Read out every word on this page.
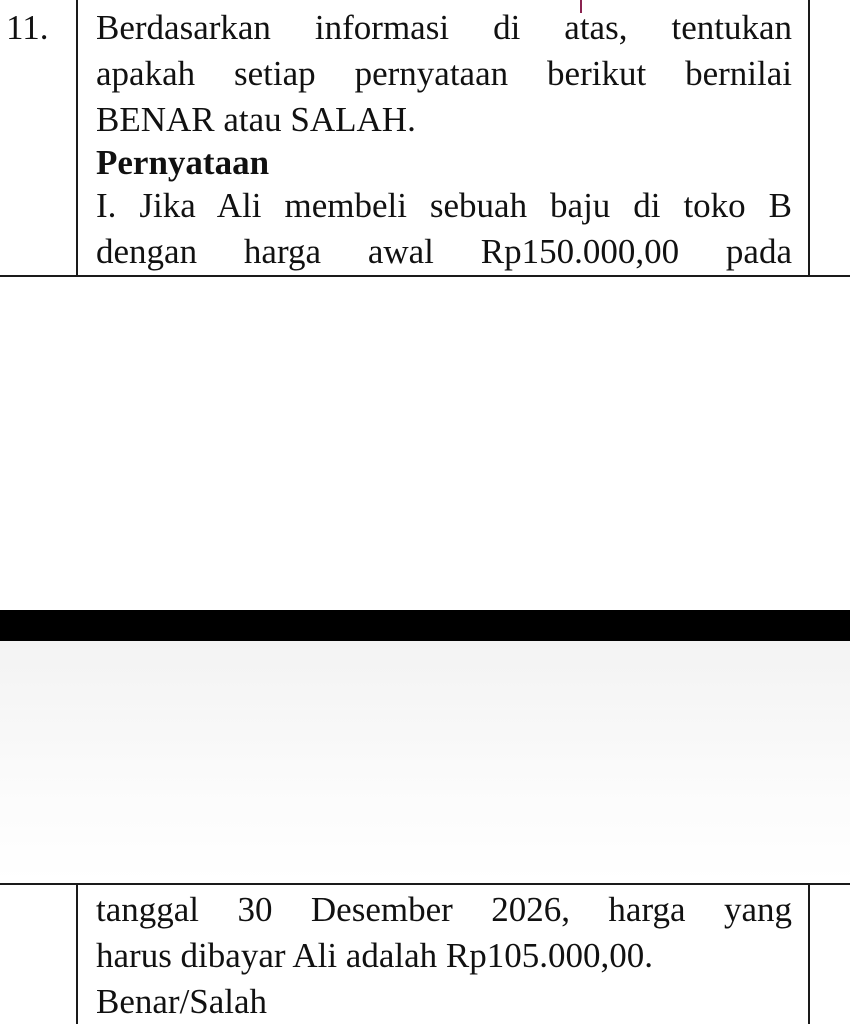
11. Berdasarkan informasi di atas, tentukan
apakah setiap pernyataan berikut bernilai
BENAR atau SALAH.
Pernyataan
I. Jika Ali membeli sebuah baju di toko B
dengan harga awal Rp150.000,00 pada
tanggal 30 Desember 2026, harga yang
harus dibayar Ali adalah Rp105.000,00.
Benar/Salah
